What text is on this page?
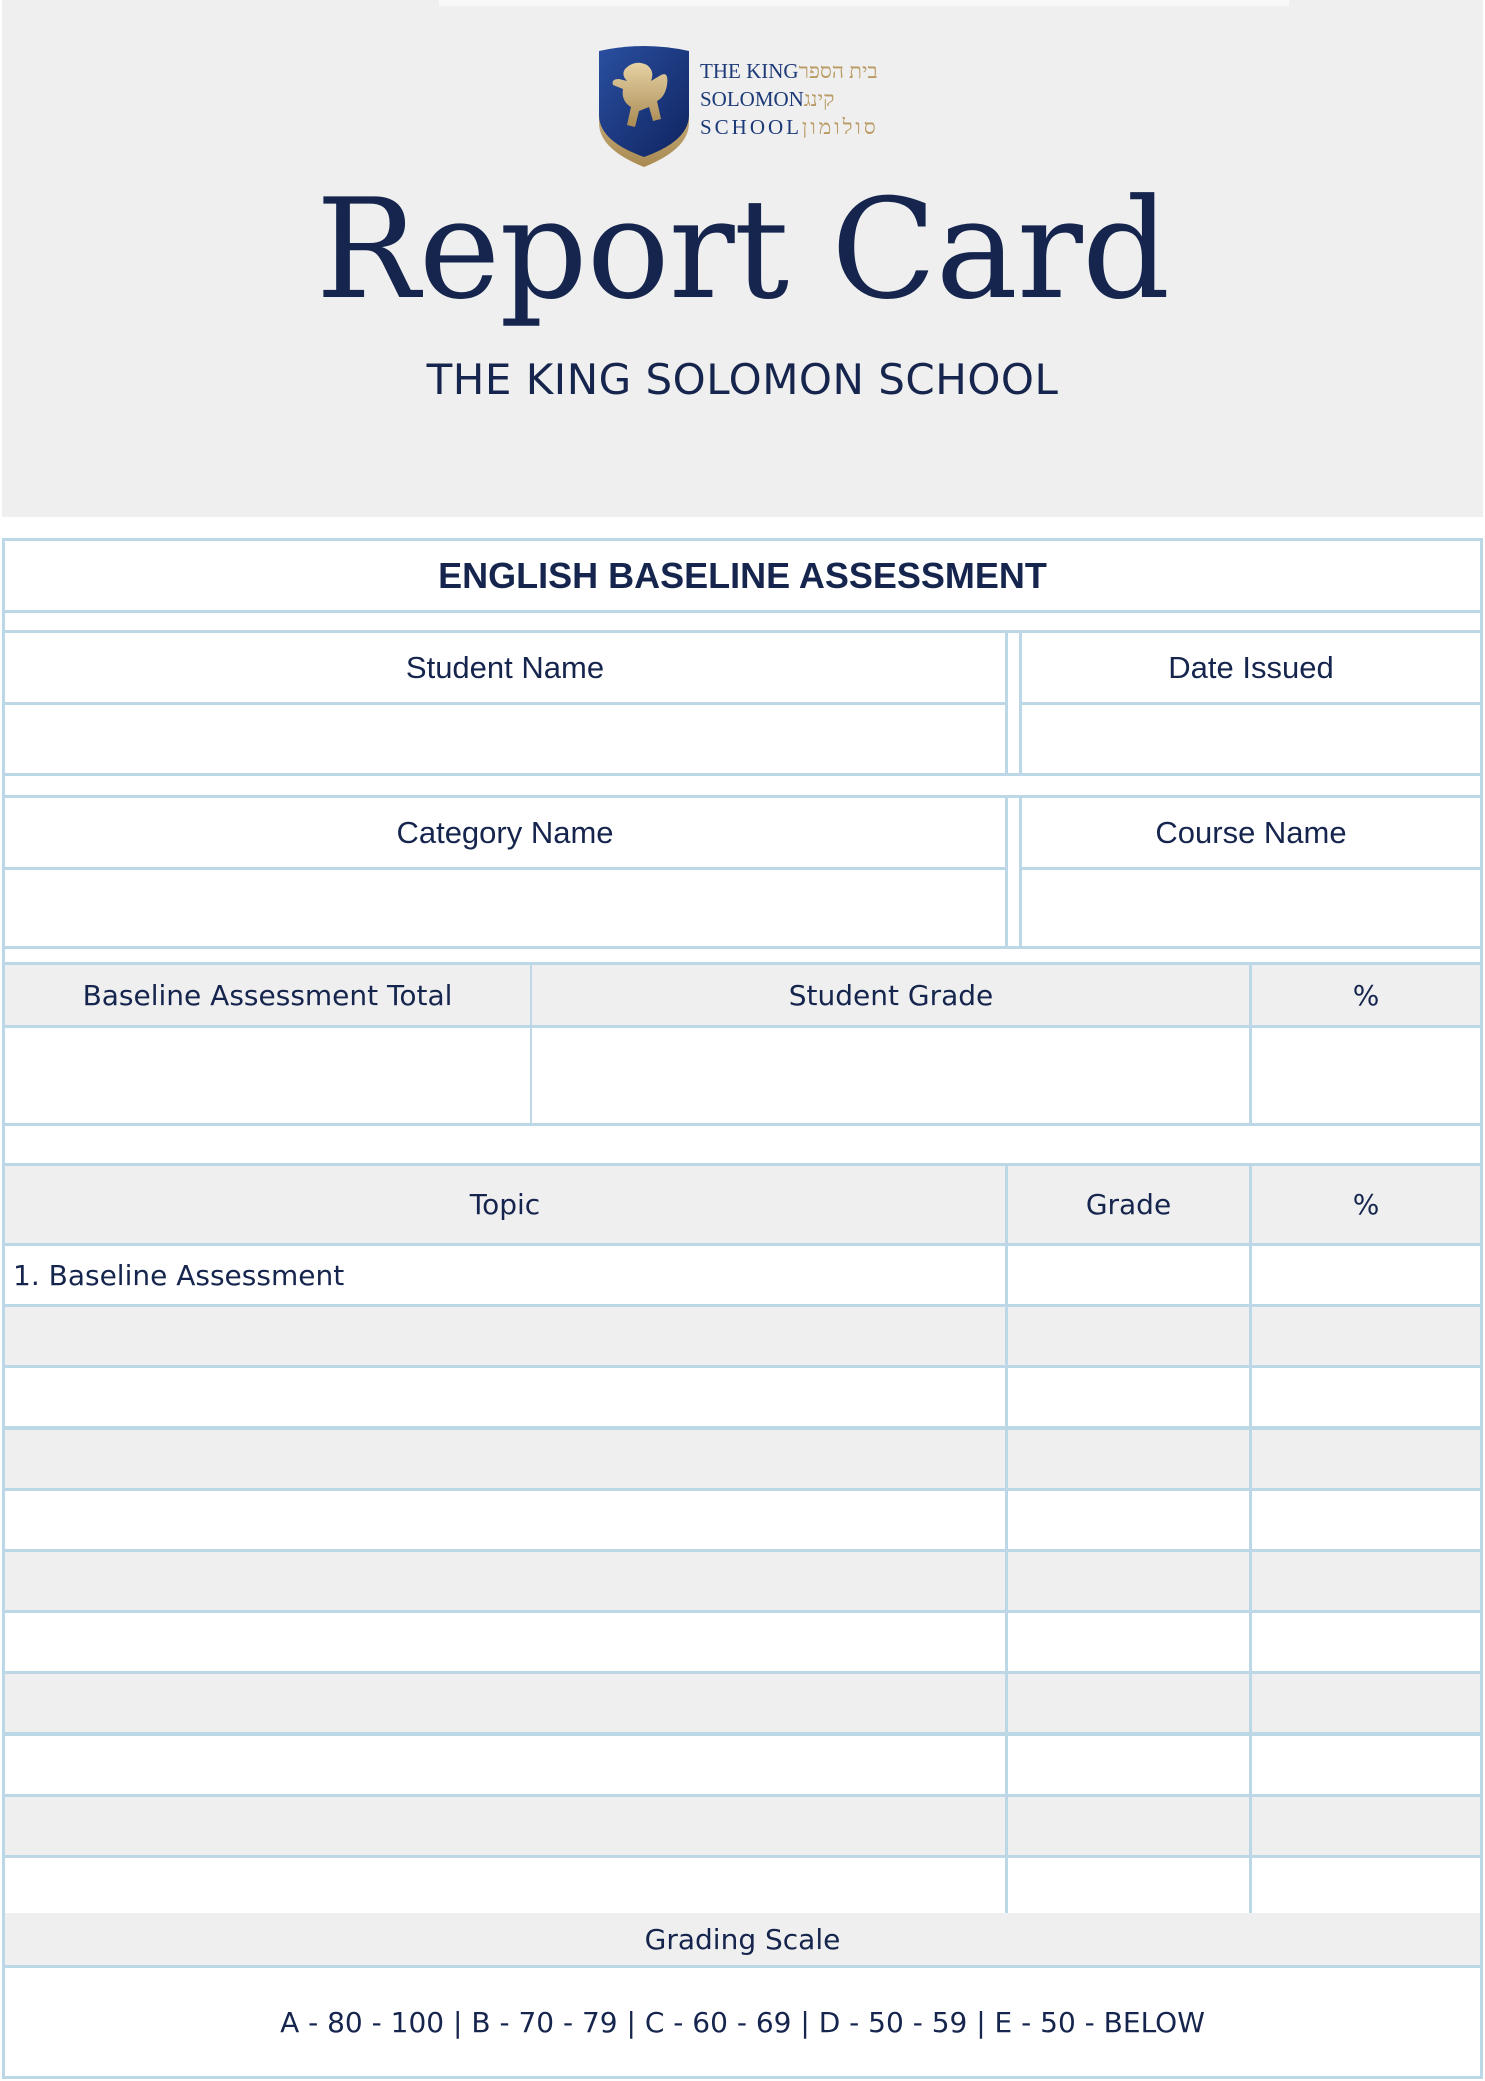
THE KINGבית הספר
SOLOMONקינג
SCHOOLסולומון
Report Card
THE KING SOLOMON SCHOOL
ENGLISH BASELINE ASSESSMENT
Student Name	Date Issued
Category Name	Course Name
Baseline Assessment Total	Student Grade	%
Topic	Grade	%
1. Baseline Assessment
Grading Scale
A - 80 - 100 | B - 70 - 79 | C - 60 - 69 | D - 50 - 59 | E - 50 - BELOW
